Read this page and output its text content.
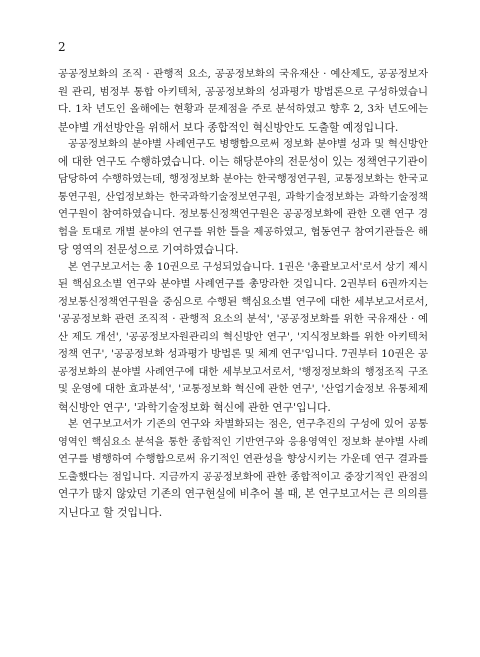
2

공공정보화의 조직 · 관행적 요소, 공공정보화의 국유재산 · 예산제도, 공공정보자
원 관리, 범정부 통합 아키텍처, 공공정보화의 성과평가 방법론으로 구성하였습니
다. 1차 년도인 올해에는 현황과 문제점을 주로 분석하였고 향후 2, 3차 년도에는
분야별 개선방안을 위해서 보다 종합적인 혁신방안도 도출할 예정입니다.

공공정보화의 분야별 사례연구도 병행함으로써 정보화 분야별 성과 및 혁신방안
에 대한 연구도 수행하였습니다. 이는 해당분야의 전문성이 있는 정책연구기관이
담당하여 수행하였는데, 행정정보화 분야는 한국행정연구원, 교통정보화는 한국교
통연구원, 산업정보화는 한국과학기술정보연구원, 과학기술정보화는 과학기술정책
연구원이 참여하였습니다. 정보통신정책연구원은 공공정보화에 관한 오랜 연구 경
험을 토대로 개별 분야의 연구를 위한 틀을 제공하였고, 협동연구 참여기관들은 해
당 영역의 전문성으로 기여하였습니다.

본 연구보고서는 총 10권으로 구성되었습니다. 1권은 '총괄보고서'로서 상기 제시
된 핵심요소별 연구와 분야별 사례연구를 총망라한 것입니다. 2권부터 6권까지는
정보통신정책연구원을 중심으로 수행된 핵심요소별 연구에 대한 세부보고서로서,
'공공정보화 관련 조직적 · 관행적 요소의 분석', '공공정보화를 위한 국유재산 · 예
산 제도 개선', '공공정보자원관리의 혁신방안 연구', '지식정보화를 위한 아키텍처
정책 연구', '공공정보화 성과평가 방법론 및 체계 연구'입니다. 7권부터 10권은 공
공정보화의 분야별 사례연구에 대한 세부보고서로서, '행정정보화의 행정조직 구조
및 운영에 대한 효과분석', '교통정보화 혁신에 관한 연구', '산업기술정보 유통체제
혁신방안 연구', '과학기술정보화 혁신에 관한 연구'입니다.

본 연구보고서가 기존의 연구와 차별화되는 점은, 연구추진의 구성에 있어 공통
영역인 핵심요소 분석을 통한 종합적인 기반연구와 응용영역인 정보화 분야별 사례
연구를 병행하여 수행함으로써 유기적인 연관성을 향상시키는 가운데 연구 결과를
도출했다는 점입니다. 지금까지 공공정보화에 관한 종합적이고 중장기적인 관점의
연구가 많지 않았던 기존의 연구현실에 비추어 볼 때, 본 연구보고서는 큰 의의를
지닌다고 할 것입니다.
